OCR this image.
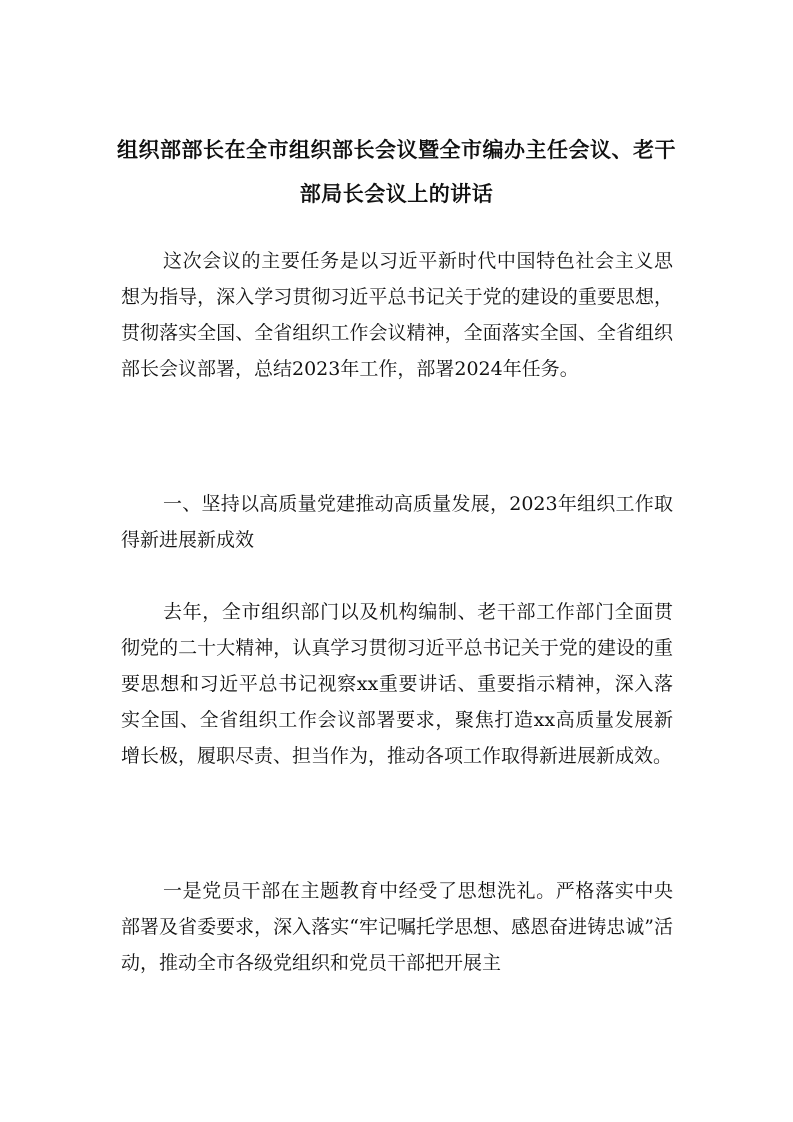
组织部部长在全市组织部长会议暨全市编办主任会议、老干部局长会议上的讲话

这次会议的主要任务是以习近平新时代中国特色社会主义思想为指导，深入学习贯彻习近平总书记关于党的建设的重要思想，贯彻落实全国、全省组织工作会议精神，全面落实全国、全省组织部长会议部署，总结2023年工作，部署2024年任务。

一、坚持以高质量党建推动高质量发展，2023年组织工作取得新进展新成效

去年，全市组织部门以及机构编制、老干部工作部门全面贯彻党的二十大精神，认真学习贯彻习近平总书记关于党的建设的重要思想和习近平总书记视察xx重要讲话、重要指示精神，深入落实全国、全省组织工作会议部署要求，聚焦打造xx高质量发展新增长极，履职尽责、担当作为，推动各项工作取得新进展新成效。

一是党员干部在主题教育中经受了思想洗礼。严格落实中央部署及省委要求，深入落实“牢记嘱托学思想、感恩奋进铸忠诚”活动，推动全市各级党组织和党员干部把开展主
